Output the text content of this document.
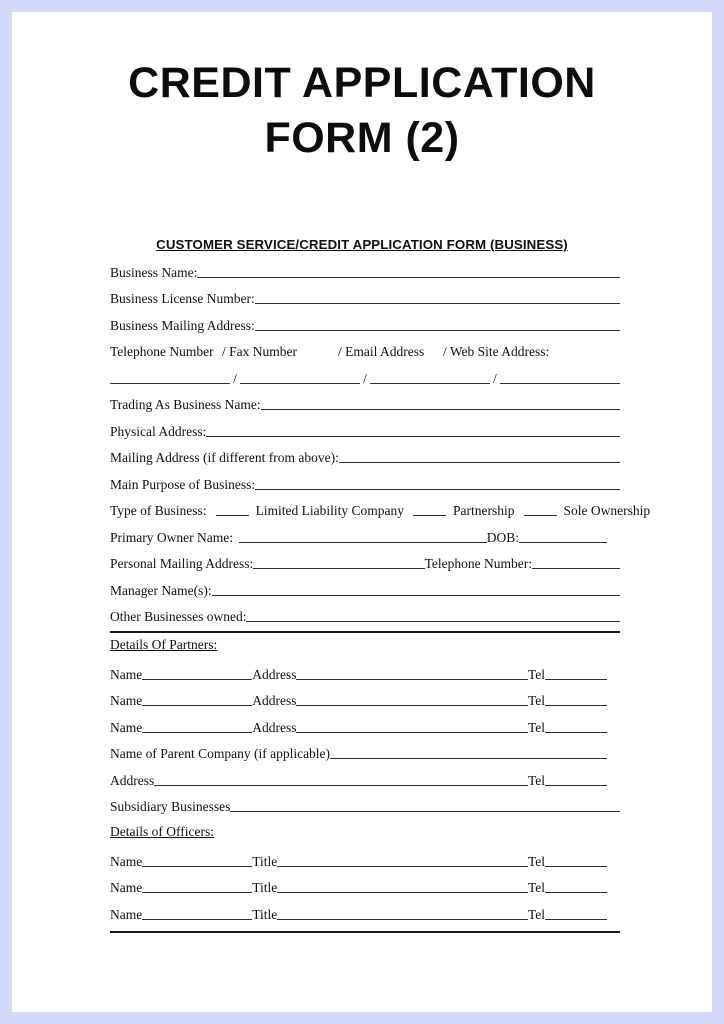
CREDIT APPLICATION
FORM (2)
CUSTOMER SERVICE/CREDIT APPLICATION FORM (BUSINESS)
Business Name:
Business License Number:
Business Mailing Address:
Telephone Number / Fax Number	/ Email Address	/ Web Site Address:
/	/	/
Trading As Business Name:
Physical Address:
Mailing Address (if different from above):
Main Purpose of Business:
Type of Business:	Limited Liability Company	Partnership	Sole Ownership
Primary Owner Name:	DOB:
Personal Mailing Address:	Telephone Number:
Manager Name(s):
Other Businesses owned:
Details Of Partners:
Name	Address	Tel
Name	Address	Tel
Name	Address	Tel
Name of Parent Company (if applicable)
Address	Tel
Subsidiary Businesses
Details of Officers:
Name	Title	Tel
Name	Title	Tel
Name	Title	Tel
